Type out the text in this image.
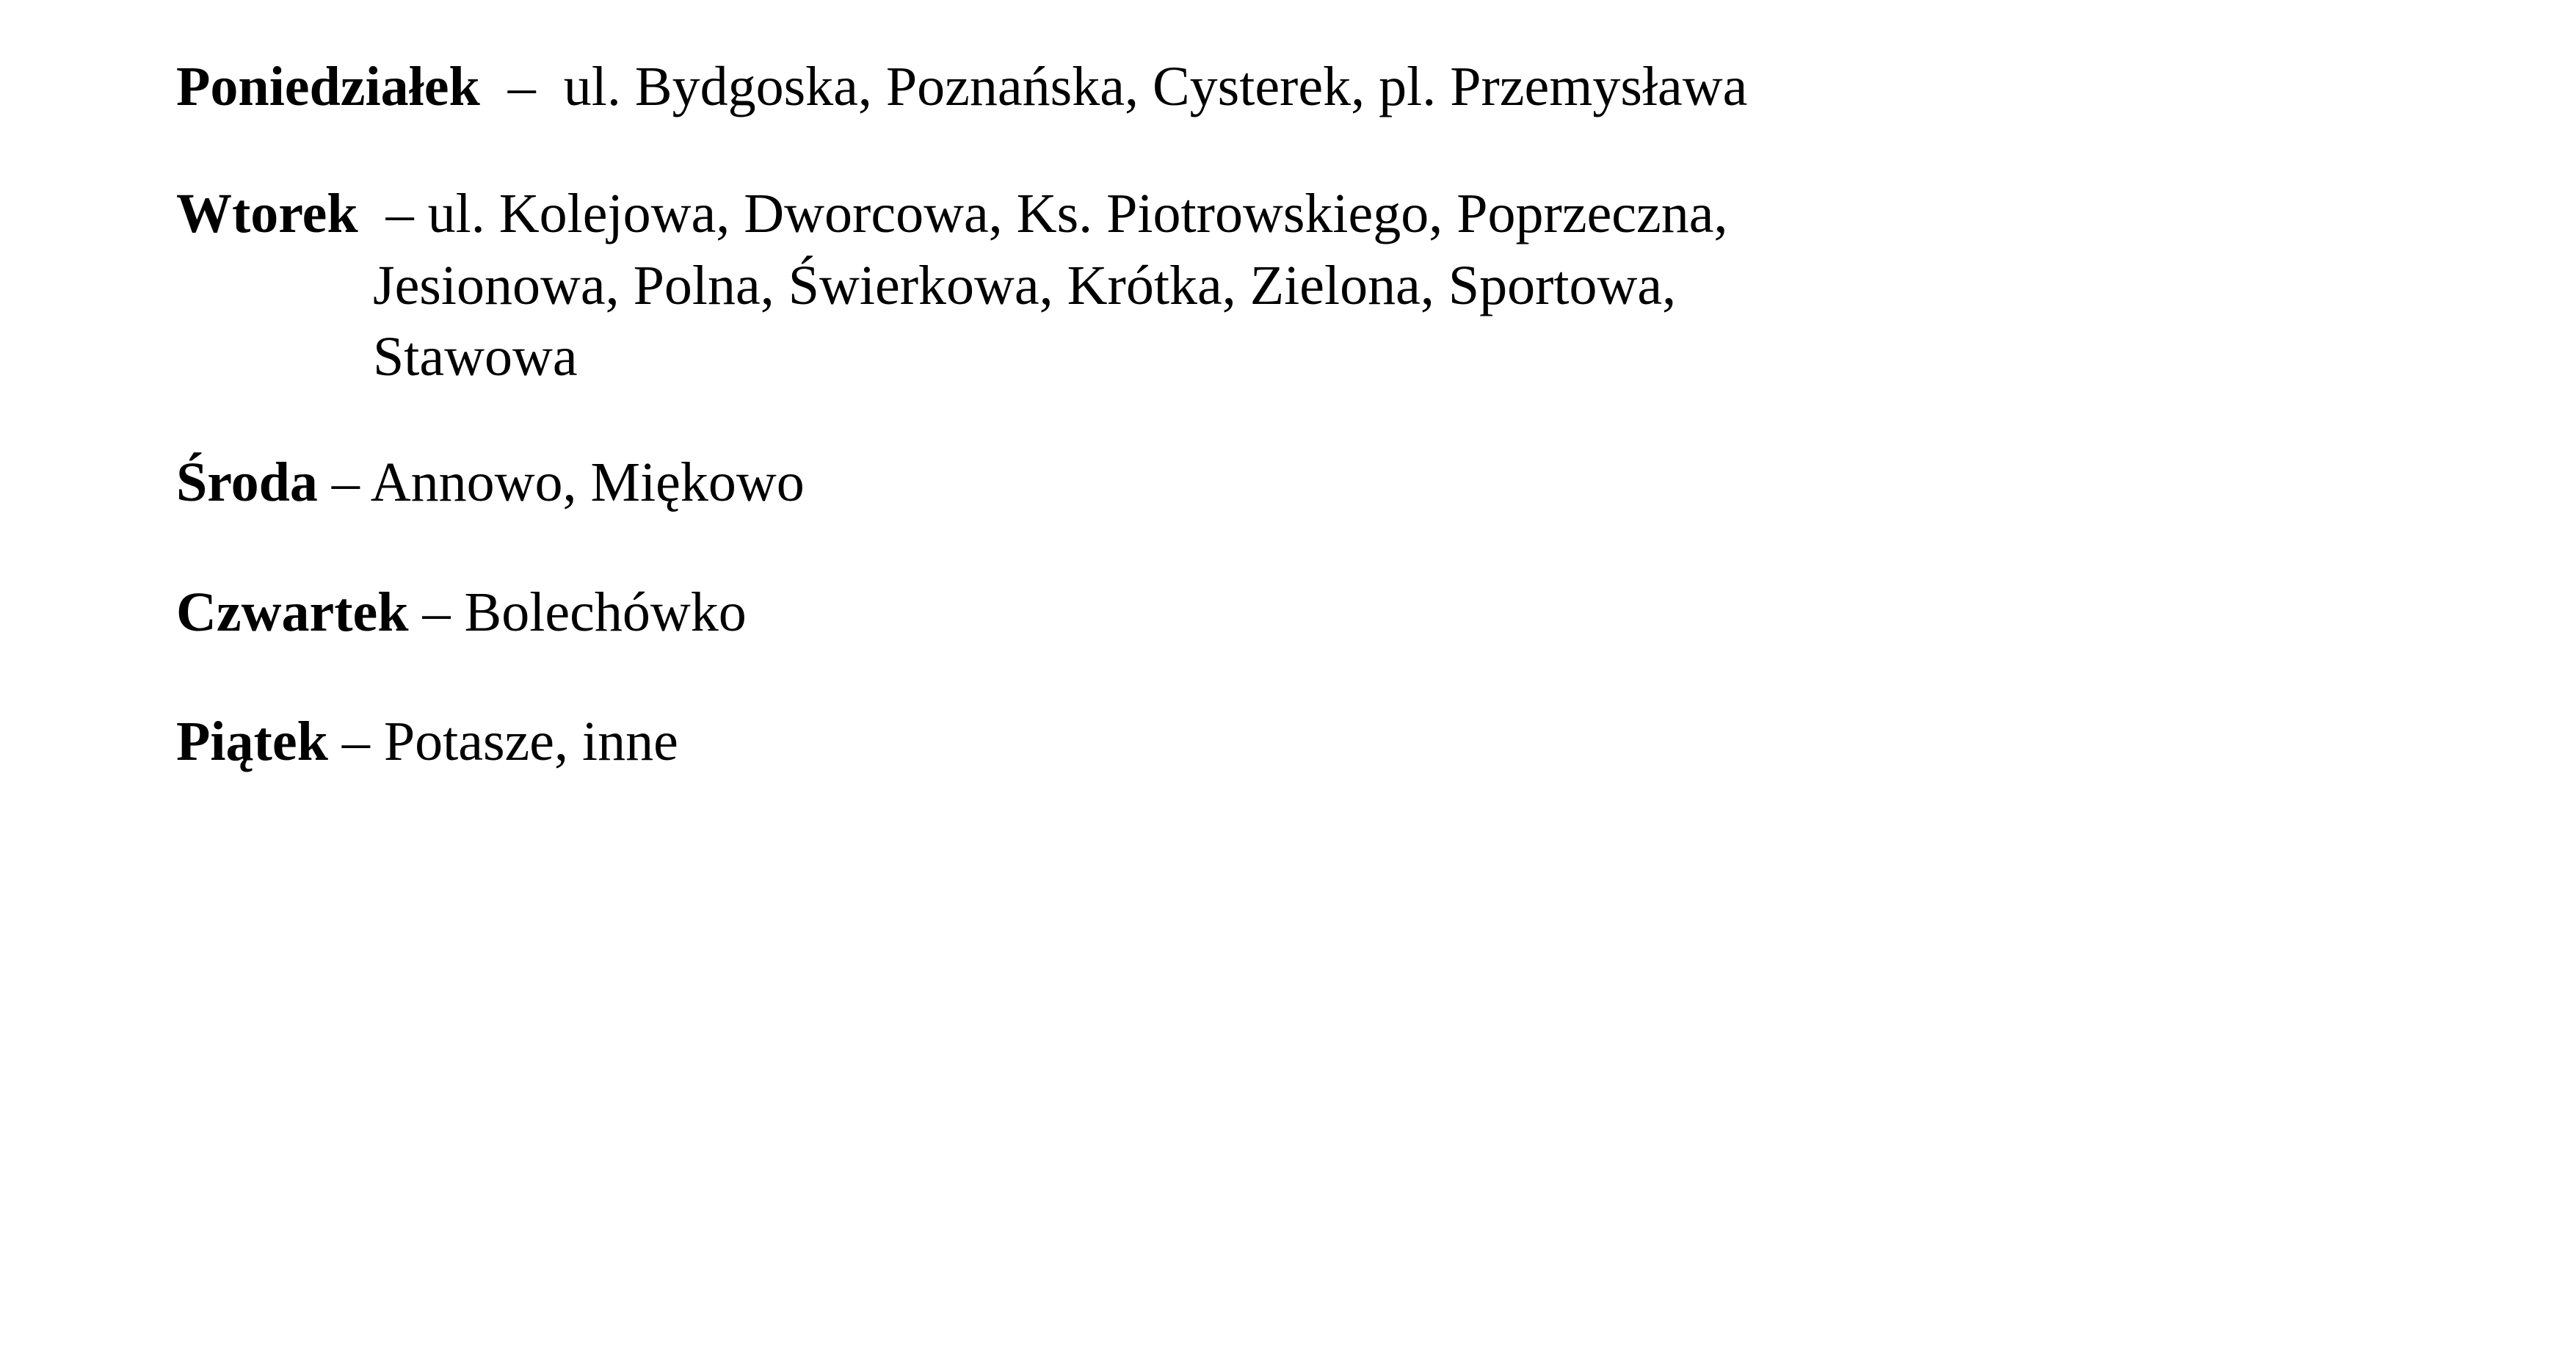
Poniedziałek  –  ul. Bydgoska, Poznańska, Cysterek, pl. Przemysława
Wtorek  – ul. Kolejowa, Dworcowa, Ks. Piotrowskiego, Poprzeczna,
Jesionowa, Polna, Świerkowa, Krótka, Zielona, Sportowa,
Stawowa
Środa – Annowo, Miękowo
Czwartek – Bolechówko
Piątek – Potasze, inne
